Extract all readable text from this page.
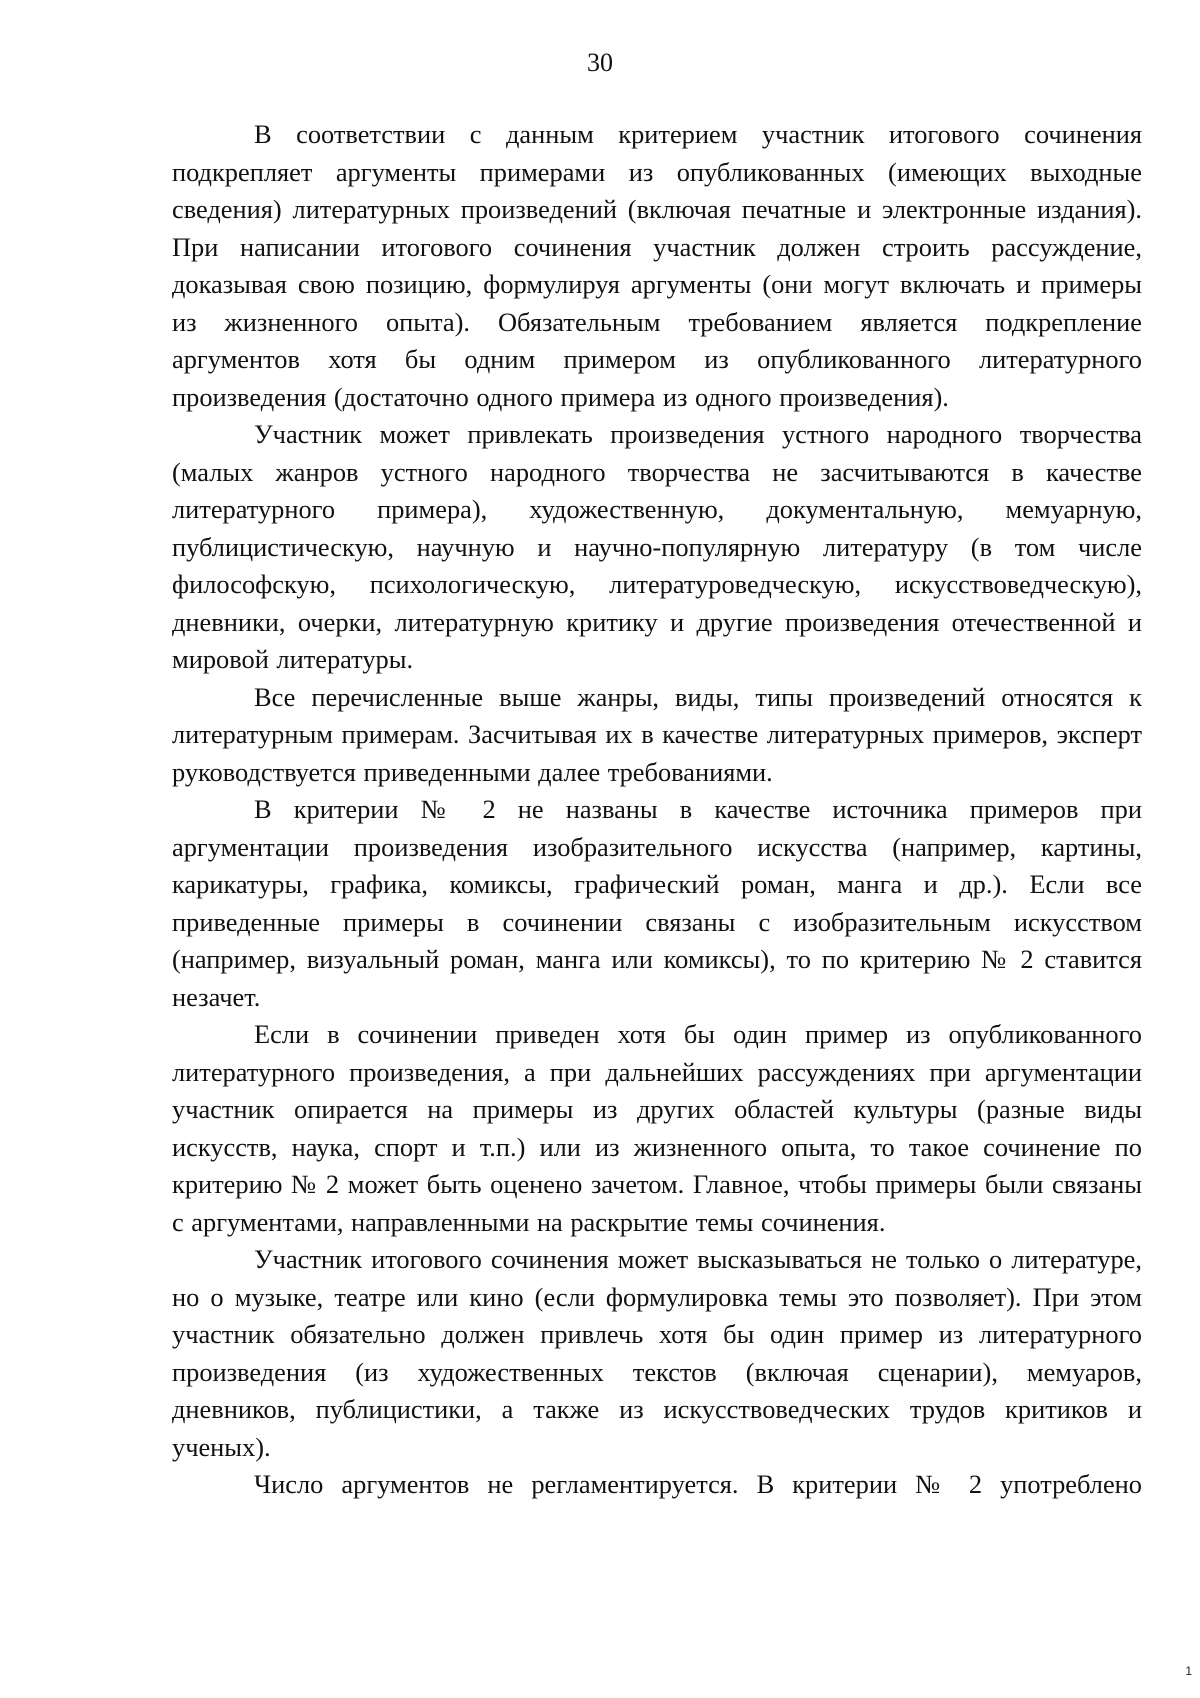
30

В соответствии с данным критерием участник итогового сочинения подкрепляет аргументы примерами из опубликованных (имеющих выходные сведения) литературных произведений (включая печатные и электронные издания). При написании итогового сочинения участник должен строить рассуждение, доказывая свою позицию, формулируя аргументы (они могут включать и примеры из жизненного опыта). Обязательным требованием является подкрепление аргументов хотя бы одним примером из опубликованного литературного произведения (достаточно одного примера из одного произведения).

Участник может привлекать произведения устного народного творчества (малых жанров устного народного творчества не засчитываются в качестве литературного примера), художественную, документальную, мемуарную, публицистическую, научную и научно-популярную литературу (в том числе философскую, психологическую, литературоведческую, искусствоведческую), дневники, очерки, литературную критику и другие произведения отечественной и мировой литературы.

Все перечисленные выше жанры, виды, типы произведений относятся к литературным примерам. Засчитывая их в качестве литературных примеров, эксперт руководствуется приведенными далее требованиями.

В критерии № 2 не названы в качестве источника примеров при аргументации произведения изобразительного искусства (например, картины, карикатуры, графика, комиксы, графический роман, манга и др.). Если все приведенные примеры в сочинении связаны с изобразительным искусством (например, визуальный роман, манга или комиксы), то по критерию № 2 ставится незачет.

Если в сочинении приведен хотя бы один пример из опубликованного литературного произведения, а при дальнейших рассуждениях при аргументации участник опирается на примеры из других областей культуры (разные виды искусств, наука, спорт и т.п.) или из жизненного опыта, то такое сочинение по критерию № 2 может быть оценено зачетом. Главное, чтобы примеры были связаны с аргументами, направленными на раскрытие темы сочинения.

Участник итогового сочинения может высказываться не только о литературе, но о музыке, театре или кино (если формулировка темы это позволяет). При этом участник обязательно должен привлечь хотя бы один пример из литературного произведения (из художественных текстов (включая сценарии), мемуаров, дневников, публицистики, а также из искусствоведческих трудов критиков и ученых).

Число аргументов не регламентируется. В критерии № 2 употреблено

1
